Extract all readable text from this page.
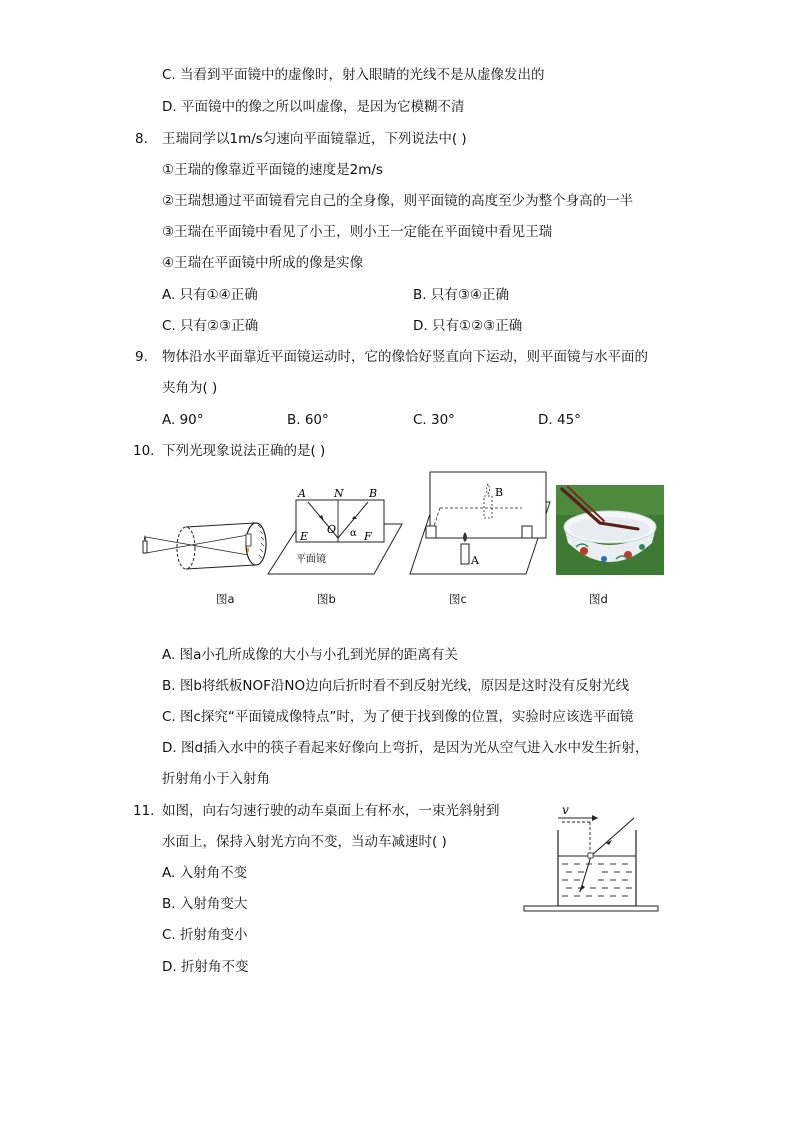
C. 当看到平面镜中的虚像时，射入眼睛的光线不是从虚像发出的
D. 平面镜中的像之所以叫虚像，是因为它模糊不清
8. 王瑞同学以1m/s匀速向平面镜靠近，下列说法中( )
①王瑞的像靠近平面镜的速度是2m/s
②王瑞想通过平面镜看完自己的全身像，则平面镜的高度至少为整个身高的一半
③王瑞在平面镜中看见了小王，则小王一定能在平面镜中看见王瑞
④王瑞在平面镜中所成的像是实像
A. 只有①④正确	B. 只有③④正确
C. 只有②③正确	D. 只有①②③正确
9. 物体沿水平面靠近平面镜运动时，它的像恰好竖直向下运动，则平面镜与水平面的
夹角为( )
A. 90°	B. 60°	C. 30°	D. 45°
10. 下列光现象说法正确的是( )
A	N B
O
E	F
α
平面镜	A
B
图a	图b	图c	图d
A. 图a小孔所成像的大小与小孔到光屏的距离有关
B. 图b将纸板NOF沿NO边向后折时看不到反射光线，原因是这时没有反射光线
C. 图c探究“平面镜成像特点”时，为了便于找到像的位置，实验时应该选平面镜
D. 图d插入水中的筷子看起来好像向上弯折，是因为光从空气进入水中发生折射，
折射角小于入射角
11. 如图，向右匀速行驶的动车桌面上有杯水，一束光斜射到
水面上，保持入射光方向不变，当动车减速时( )
A. 入射角不变
B. 入射角变大
C. 折射角变小
D. 折射角不变
v
